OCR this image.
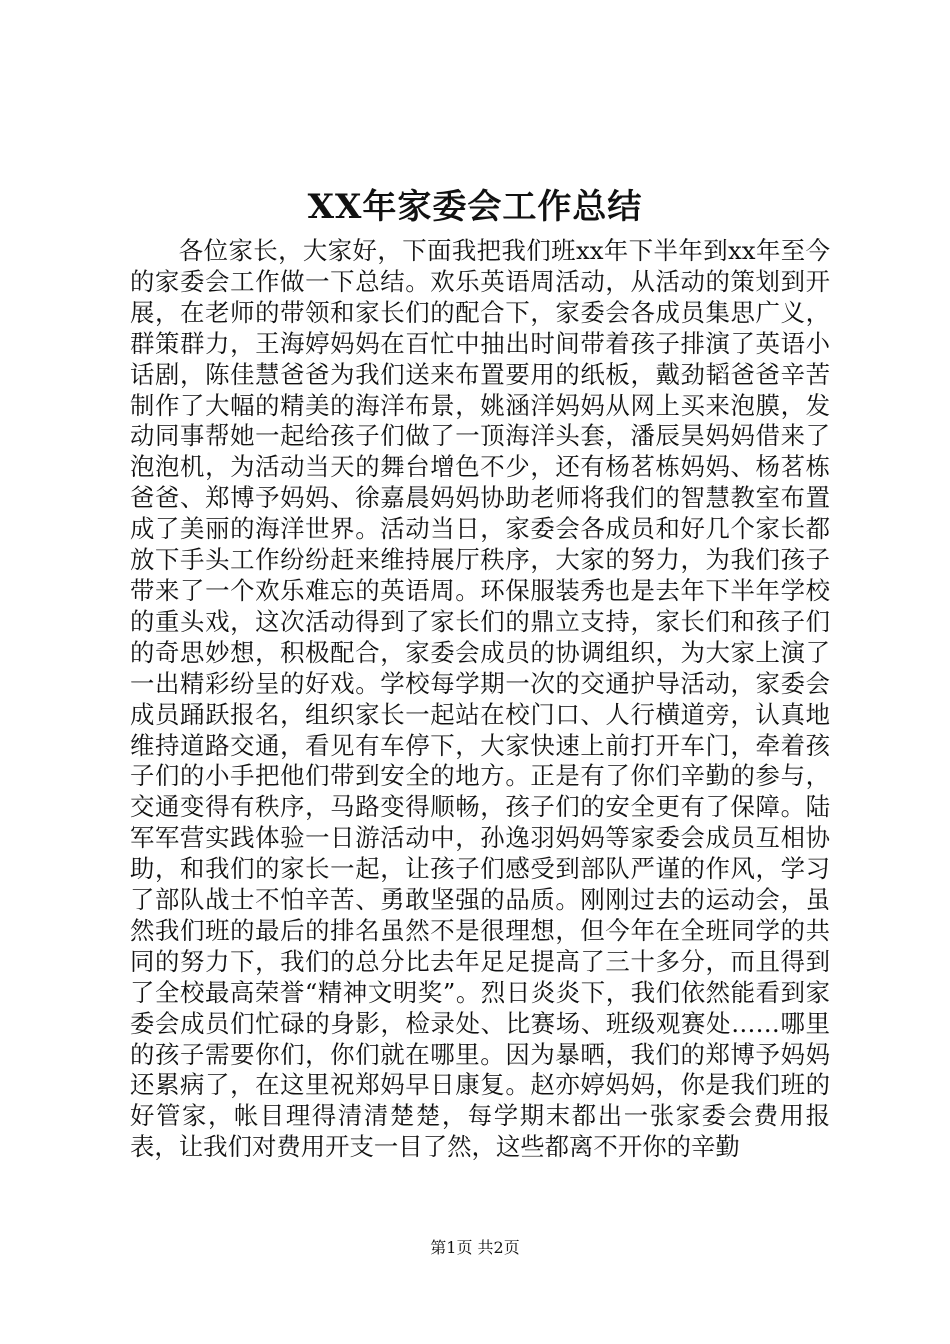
XX年家委会工作总结

各位家长，大家好，下面我把我们班xx年下半年到xx年至今的家委会工作做一下总结。欢乐英语周活动，从活动的策划到开展，在老师的带领和家长们的配合下，家委会各成员集思广义，群策群力，王海婷妈妈在百忙中抽出时间带着孩子排演了英语小话剧，陈佳慧爸爸为我们送来布置要用的纸板，戴劲韬爸爸辛苦制作了大幅的精美的海洋布景，姚涵洋妈妈从网上买来泡膜，发动同事帮她一起给孩子们做了一顶海洋头套，潘辰昊妈妈借来了泡泡机，为活动当天的舞台增色不少，还有杨茗栋妈妈、杨茗栋爸爸、郑博予妈妈、徐嘉晨妈妈协助老师将我们的智慧教室布置成了美丽的海洋世界。活动当日，家委会各成员和好几个家长都放下手头工作纷纷赶来维持展厅秩序，大家的努力，为我们孩子带来了一个欢乐难忘的英语周。环保服装秀也是去年下半年学校的重头戏，这次活动得到了家长们的鼎立支持，家长们和孩子们的奇思妙想，积极配合，家委会成员的协调组织，为大家上演了一出精彩纷呈的好戏。学校每学期一次的交通护导活动，家委会成员踊跃报名，组织家长一起站在校门口、人行横道旁，认真地维持道路交通，看见有车停下，大家快速上前打开车门，牵着孩子们的小手把他们带到安全的地方。正是有了你们辛勤的参与，交通变得有秩序，马路变得顺畅，孩子们的安全更有了保障。陆军军营实践体验一日游活动中，孙逸羽妈妈等家委会成员互相协助，和我们的家长一起，让孩子们感受到部队严谨的作风，学习了部队战士不怕辛苦、勇敢坚强的品质。刚刚过去的运动会，虽然我们班的最后的排名虽然不是很理想，但今年在全班同学的共同的努力下，我们的总分比去年足足提高了三十多分，而且得到了全校最高荣誉“精神文明奖”。烈日炎炎下，我们依然能看到家委会成员们忙碌的身影，检录处、比赛场、班级观赛处……哪里的孩子需要你们，你们就在哪里。因为暴晒，我们的郑博予妈妈还累病了，在这里祝郑妈早日康复。赵亦婷妈妈，你是我们班的好管家，帐目理得清清楚楚，每学期末都出一张家委会费用报表，让我们对费用开支一目了然，这些都离不开你的辛勤

第1页 共2页
